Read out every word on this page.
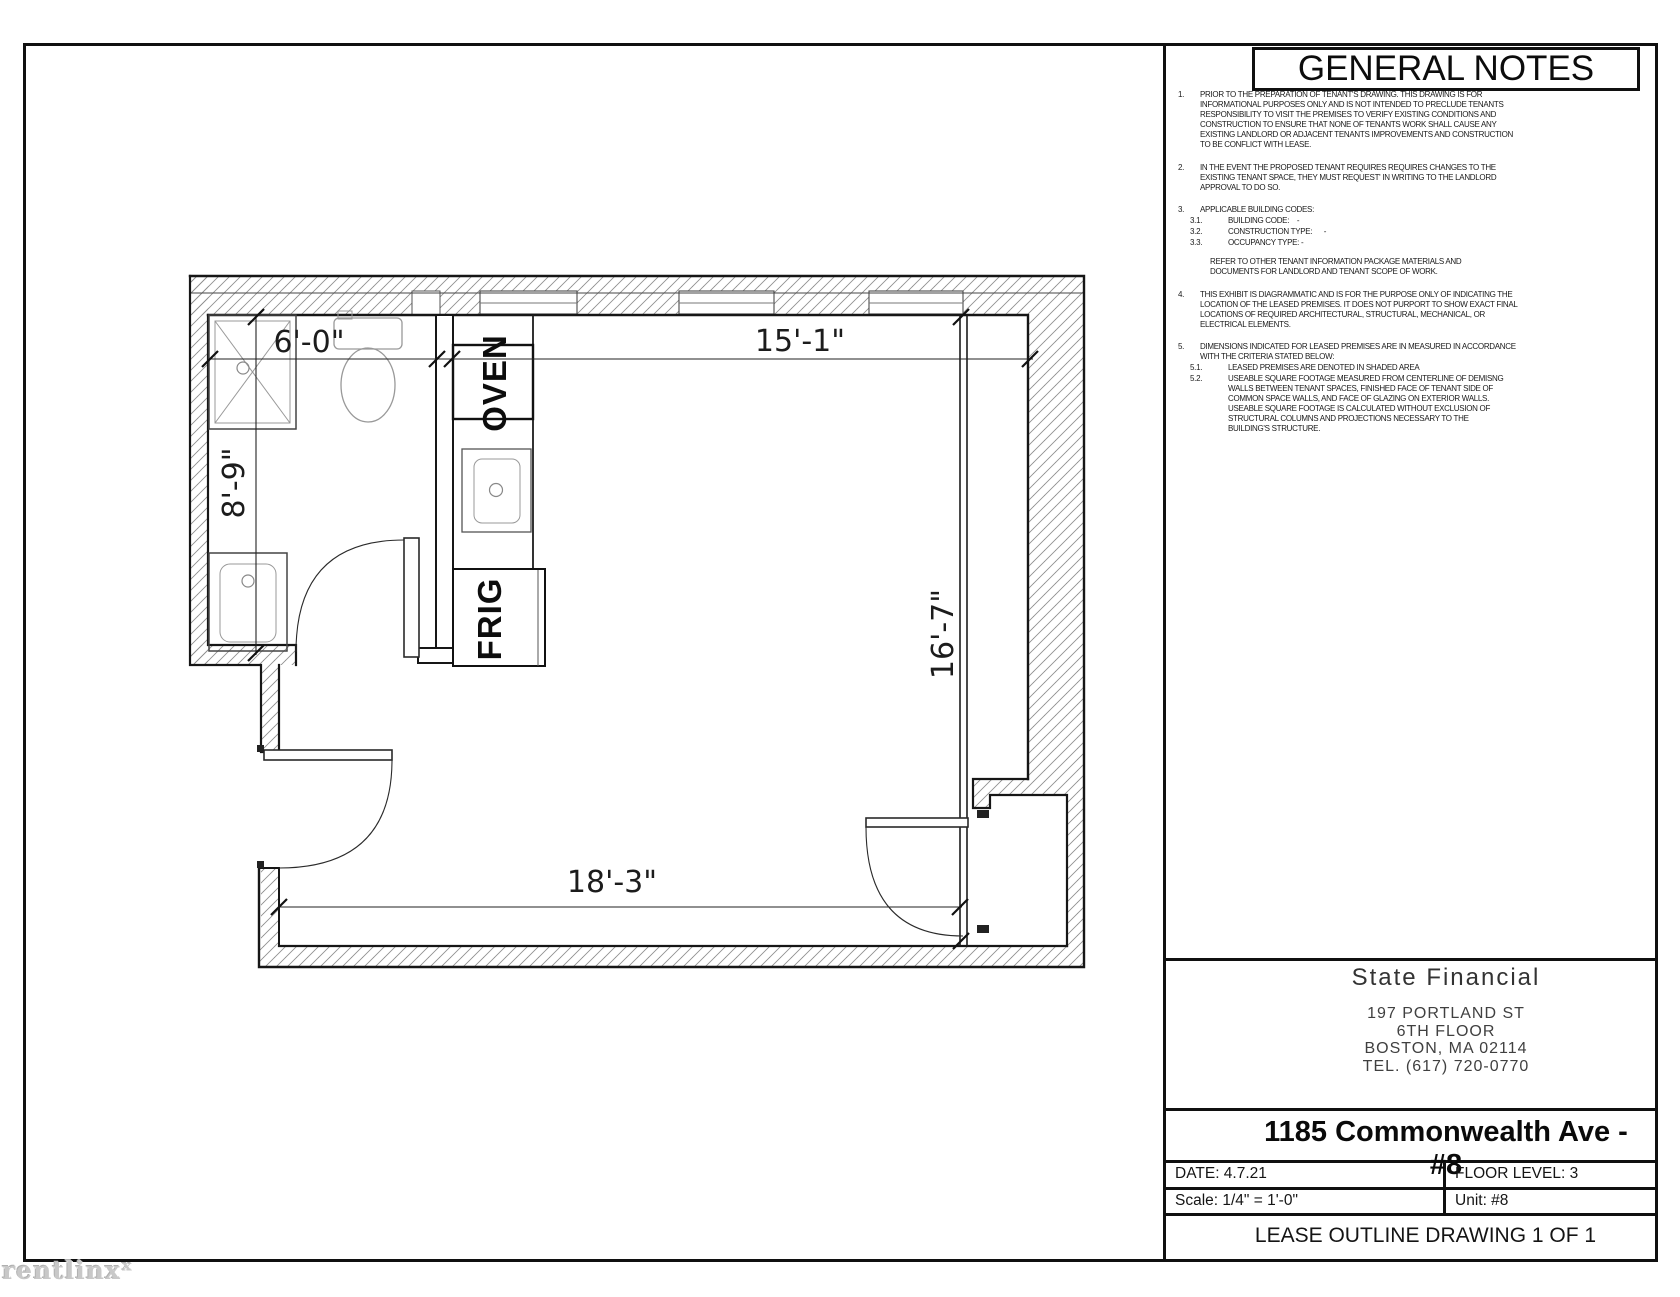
6'-0"	15'-1"
18'-3"
8'-9"
16'-7"
OVEN
FRIG
GENERAL NOTES
1.	PRIOR TO THE PREPARATION OF TENANT'S DRAWING. THIS DRAWING IS FOR INFORMATIONAL PURPOSES ONLY AND IS NOT INTENDED TO PRECLUDE TENANTS RESPONSIBILITY TO VISIT THE PREMISES TO VERIFY EXISTING CONDITIONS AND CONSTRUCTION TO ENSURE THAT NONE OF TENANTS WORK SHALL CAUSE ANY EXISTING LANDLORD OR ADJACENT TENANTS IMPROVEMENTS AND CONSTRUCTION TO BE CONFLICT WITH LEASE.
2.	IN THE EVENT THE PROPOSED TENANT REQUIRES REQUIRES CHANGES TO THE EXISTING TENANT SPACE, THEY MUST REQUEST' IN WRITING TO THE LANDLORD APPROVAL TO DO SO.
3.	APPLICABLE BUILDING CODES:
3.1.	BUILDING CODE:    -
3.2.	CONSTRUCTION TYPE:      -
3.3.	OCCUPANCY TYPE: -
REFER TO OTHER TENANT INFORMATION PACKAGE MATERIALS AND DOCUMENTS FOR LANDLORD AND TENANT SCOPE OF WORK.
4.	THIS EXHIBIT IS DIAGRAMMATIC AND IS FOR THE PURPOSE ONLY OF INDICATING THE LOCATION OF THE LEASED PREMISES. IT DOES NOT PURPORT TO SHOW EXACT FINAL LOCATIONS OF REQUIRED ARCHITECTURAL, STRUCTURAL, MECHANICAL, OR ELECTRICAL ELEMENTS.
5.	DIMENSIONS INDICATED FOR LEASED PREMISES ARE IN MEASURED IN ACCORDANCE WITH THE CRITERIA STATED BELOW:
5.1.	LEASED PREMISES ARE DENOTED IN SHADED AREA
5.2.	USEABLE SQUARE FOOTAGE MEASURED FROM CENTERLINE OF DEMISNG WALLS BETWEEN TENANT SPACES, FINISHED FACE OF TENANT SIDE OF COMMON SPACE WALLS, AND FACE OF GLAZING ON EXTERIOR WALLS. USEABLE SQUARE FOOTAGE IS CALCULATED WITHOUT EXCLUSION OF STRUCTURAL COLUMNS AND PROJECTIONS NECESSARY TO THE BUILDING'S STRUCTURE.
State Financial
197 PORTLAND ST
6TH FLOOR
BOSTON, MA 02114
TEL. (617) 720-0770
1185 Commonwealth Ave - #8
DATE: 4.7.21	FLOOR LEVEL: 3
Scale: 1/4" = 1'-0"	Unit: #8
LEASE OUTLINE DRAWING 1 OF 1
rentlinxˣ
